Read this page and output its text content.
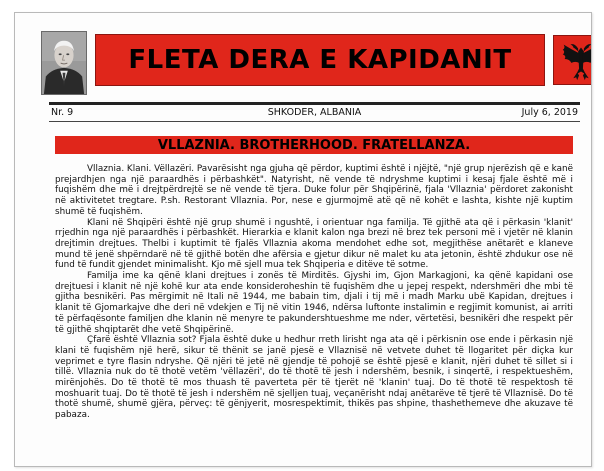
FLETA DERA E KAPIDANIT
Nr. 9	SHKODER, ALBANIA	July 6, 2019
VLLAZNIA. BROTHERHOOD. FRATELLANZA.

Vllaznia. Klani. Vëllazëri. Pavarësisht nga gjuha që përdor, kuptimi është i njëjtë, "një grup njerëzish që e kanë prejardhjen nga një paraardhës i përbashkët". Natyrisht, në vende të ndryshme kuptimi i kesaj fjale është më i fuqishëm dhe më i drejtpërdrejtë se në vende të tjera. Duke folur për Shqipërinë, fjala 'Vllaznia' përdoret zakonisht në aktivitetet tregtare. P.sh. Restorant Vllaznia. Por, nese e gjurmojmë atë që në kohët e lashta, kishte një kuptim shumë të fuqishëm.

Klani në Shqipëri është një grup shumë i ngushtë, i orientuar nga familja. Të gjithë ata që i përkasin 'klanit' rrjedhin nga një paraardhës i përbashkët. Hierarkia e klanit kalon nga brezi në brez tek personi më i vjetër në klanin drejtimin drejtues. Thelbi i kuptimit të fjalës Vllaznia akoma mendohet edhe sot, megjithëse anëtarët e klaneve mund të jenë shpërndarë në të gjithë botën dhe afërsia e gjetur dikur në malet ku ata jetonin, është zhdukur ose në fund të fundit gjendet minimalisht. Kjo më sjell mua tek Shqiperia e ditëve të sotme.

Familja ime ka qënë klani drejtues i zonës të Mirditës. Gjyshi im, Gjon Markagjoni, ka qënë kapidani ose drejtuesi i klanit në një kohë kur ata ende konsideroheshin të fuqishëm dhe u jepej respekt, ndershmëri dhe mbi të gjitha besnikëri. Pas mërgimit në Itali në 1944, me babain tim, djali i tij më i madh Marku ubë Kapidan, drejtues i klanit të Gjomarkajve dhe deri në vdekjen e Tij në vitin 1946, ndërsa luftonte instalimin e regjimit komunist, ai arriti të përfaqësonte familjen dhe klanin në menyre te pakundershtueshme me nder, vërtetësi, besnikëri dhe respekt për të gjithë shqiptarët dhe vetë Shqipërinë.

Çfarë është Vllaznia sot? Fjala është duke u hedhur rreth lirisht nga ata që i përkisnin ose ende i përkasin një klani të fuqishëm një herë, sikur të thënit se janë pjesë e Vllaznisë në vetvete duhet të llogaritet për diçka kur veprimet e tyre flasin ndryshe. Që njëri të jetë në gjendje të pohojë se është pjesë e klanit, njëri duhet të sillet si i tillë. Vllaznia nuk do të thotë vetëm 'vëllazëri', do të thotë të jesh i ndershëm, besnik, i sinqertë, i respektueshëm, mirënjohës. Do të thotë të mos thuash të paverteta për të tjerët në 'klanin' tuaj. Do të thotë të respektosh të moshuarit tuaj. Do të thotë të jesh i ndershëm në sjelljen tuaj, veçanërisht ndaj anëtarëve të tjerë të Vllaznisë. Do të thotë shumë, shumë gjëra, përveç: të gënjyerit, mosrespektimit, thikës pas shpine, thashethemeve dhe akuzave të pabaza.
